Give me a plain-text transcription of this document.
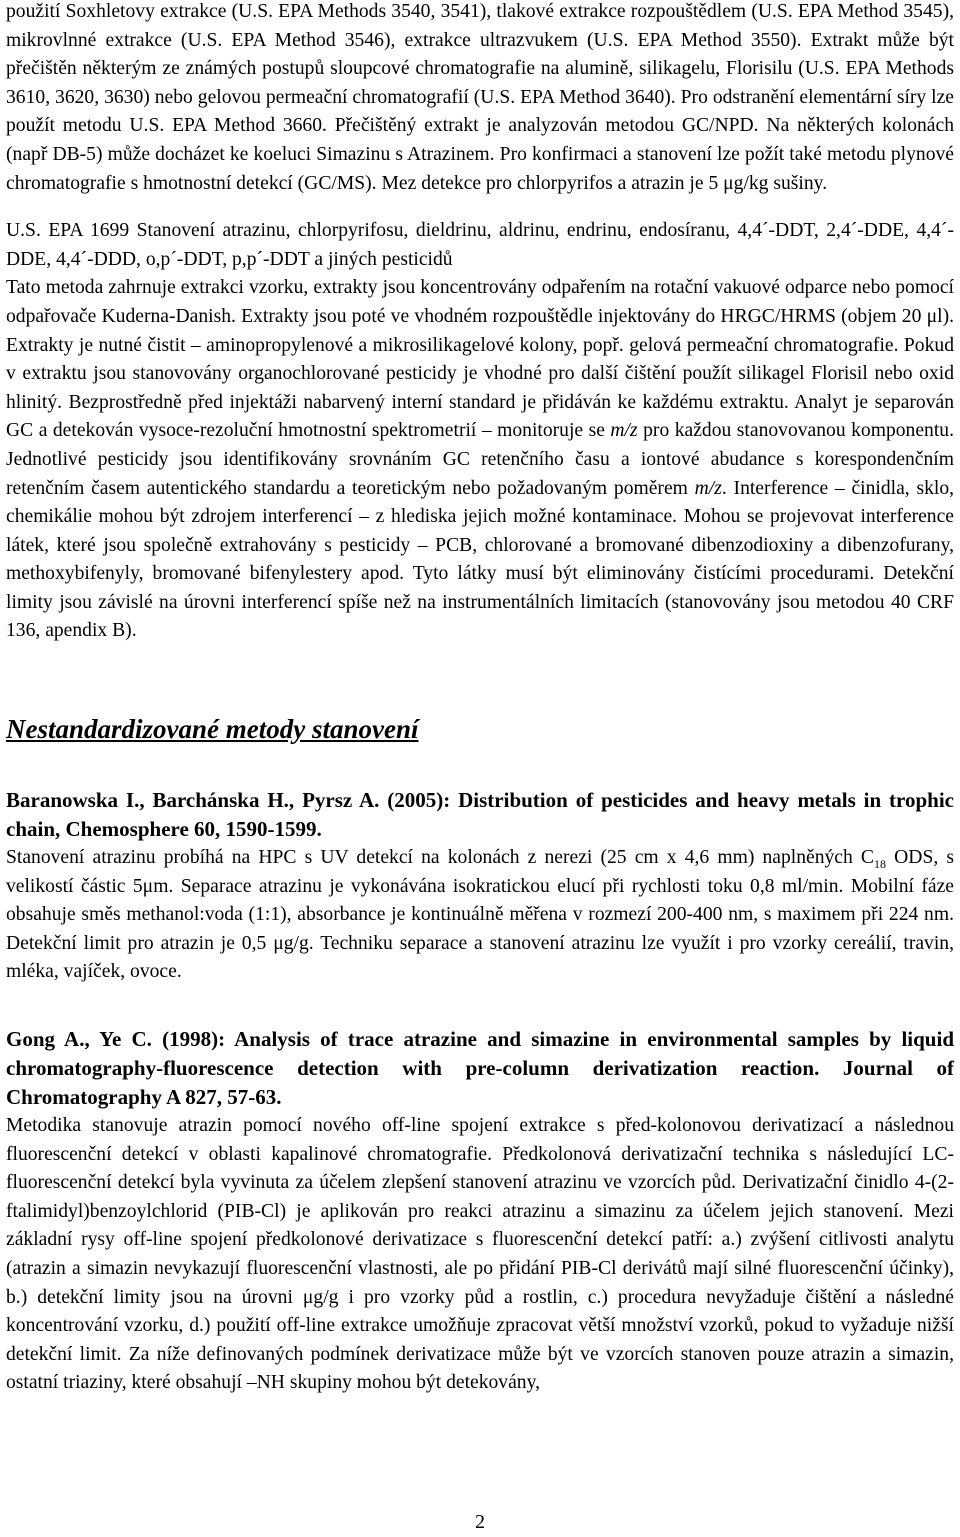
použití Soxhletovy extrakce (U.S. EPA Methods 3540, 3541), tlakové extrakce rozpouštědlem (U.S. EPA Method 3545), mikrovlnné extrakce (U.S. EPA Method 3546), extrakce ultrazvukem (U.S. EPA Method 3550). Extrakt může být přečištěn některým ze známých postupů sloupcové chromatografie na alumině, silikagelu, Florisilu (U.S. EPA Methods 3610, 3620, 3630) nebo gelovou permeační chromatografií (U.S. EPA Method 3640). Pro odstranění elementární síry lze použít metodu U.S. EPA Method 3660. Přečištěný extrakt je analyzován metodou GC/NPD. Na některých kolonách (např DB-5) může docházet ke koeluci Simazinu s Atrazinem. Pro konfirmaci a stanovení lze požít také metodu plynové chromatografie s hmotnostní detekcí (GC/MS). Mez detekce pro chlorpyrifos a atrazin je 5 μg/kg sušiny.

U.S. EPA 1699 Stanovení atrazinu, chlorpyrifosu, dieldrinu, aldrinu, endrinu, endosíranu, 4,4´-DDT, 2,4´-DDE, 4,4´-DDE, 4,4´-DDD, o,p´-DDT, p,p´-DDT a jiných pesticidů

Tato metoda zahrnuje extrakci vzorku, extrakty jsou koncentrovány odpařením na rotační vakuové odparce nebo pomocí odpařovače Kuderna-Danish. Extrakty jsou poté ve vhodném rozpouštědle injektovány do HRGC/HRMS (objem 20 μl). Extrakty je nutné čistit – aminopropylenové a mikrosilikagelové kolony, popř. gelová permeační chromatografie. Pokud v extraktu jsou stanovovány organochlorované pesticidy je vhodné pro další čištění použít silikagel Florisil nebo oxid hlinitý. Bezprostředně před injektáži nabarvený interní standard je přidáván ke každému extraktu. Analyt je separován GC a detekován vysoce-rezoluční hmotnostní spektrometrií – monitoruje se m/z pro každou stanovovanou komponentu. Jednotlivé pesticidy jsou identifikovány srovnáním GC retenčního času a iontové abudance s korespondenčním retenčním časem autentického standardu a teoretickým nebo požadovaným poměrem m/z. Interference – činidla, sklo, chemikálie mohou být zdrojem interferencí – z hlediska jejich možné kontaminace. Mohou se projevovat interference látek, které jsou společně extrahovány s pesticidy – PCB, chlorované a bromované dibenzodioxiny a dibenzofurany, methoxybifenyly, bromované bifenylestery apod. Tyto látky musí být eliminovány čistícími procedurami. Detekční limity jsou závislé na úrovni interferencí spíše než na instrumentálních limitacích (stanovovány jsou metodou 40 CRF 136, apendix B).

Nestandardizované metody stanovení

Baranowska I., Barchánska H., Pyrsz A. (2005): Distribution of pesticides and heavy metals in trophic chain, Chemosphere 60, 1590-1599.

Stanovení atrazinu probíhá na HPC s UV detekcí na kolonách z nerezi (25 cm x 4,6 mm) naplněných $C_{18}$ ODS, s velikostí částic 5μm. Separace atrazinu je vykonávána isokratickou elucí při rychlosti toku 0,8 ml/min. Mobilní fáze obsahuje směs methanol:voda (1:1), absorbance je kontinuálně měřena v rozmezí 200-400 nm, s maximem při 224 nm. Detekční limit pro atrazin je 0,5 μg/g. Techniku separace a stanovení atrazinu lze využít i pro vzorky cereálií, travin, mléka, vajíček, ovoce.

Gong A., Ye C. (1998): Analysis of trace atrazine and simazine in environmental samples by liquid chromatography-fluorescence detection with pre-column derivatization reaction. Journal of Chromatography A 827, 57-63.

Metodika stanovuje atrazin pomocí nového off-line spojení extrakce s před-kolonovou derivatizací a následnou fluorescenční detekcí v oblasti kapalinové chromatografie. Předkolonová derivatizační technika s následující LC-fluorescenční detekcí byla vyvinuta za účelem zlepšení stanovení atrazinu ve vzorcích půd. Derivatizační činidlo 4-(2-ftalimidyl)benzoylchlorid (PIB-Cl) je aplikován pro reakci atrazinu a simazinu za účelem jejich stanovení. Mezi základní rysy off-line spojení předkolonové derivatizace s fluorescenční detekcí patří: a.) zvýšení citlivosti analytu (atrazin a simazin nevykazují fluorescenční vlastnosti, ale po přidání PIB-Cl derivátů mají silné fluorescenční účinky), b.) detekční limity jsou na úrovni μg/g i pro vzorky půd a rostlin, c.) procedura nevyžaduje čištění a následné koncentrování vzorku, d.) použití off-line extrakce umožňuje zpracovat větší množství vzorků, pokud to vyžaduje nižší detekční limit. Za níže definovaných podmínek derivatizace může být ve vzorcích stanoven pouze atrazin a simazin, ostatní triaziny, které obsahují –NH skupiny mohou být detekovány,

2
